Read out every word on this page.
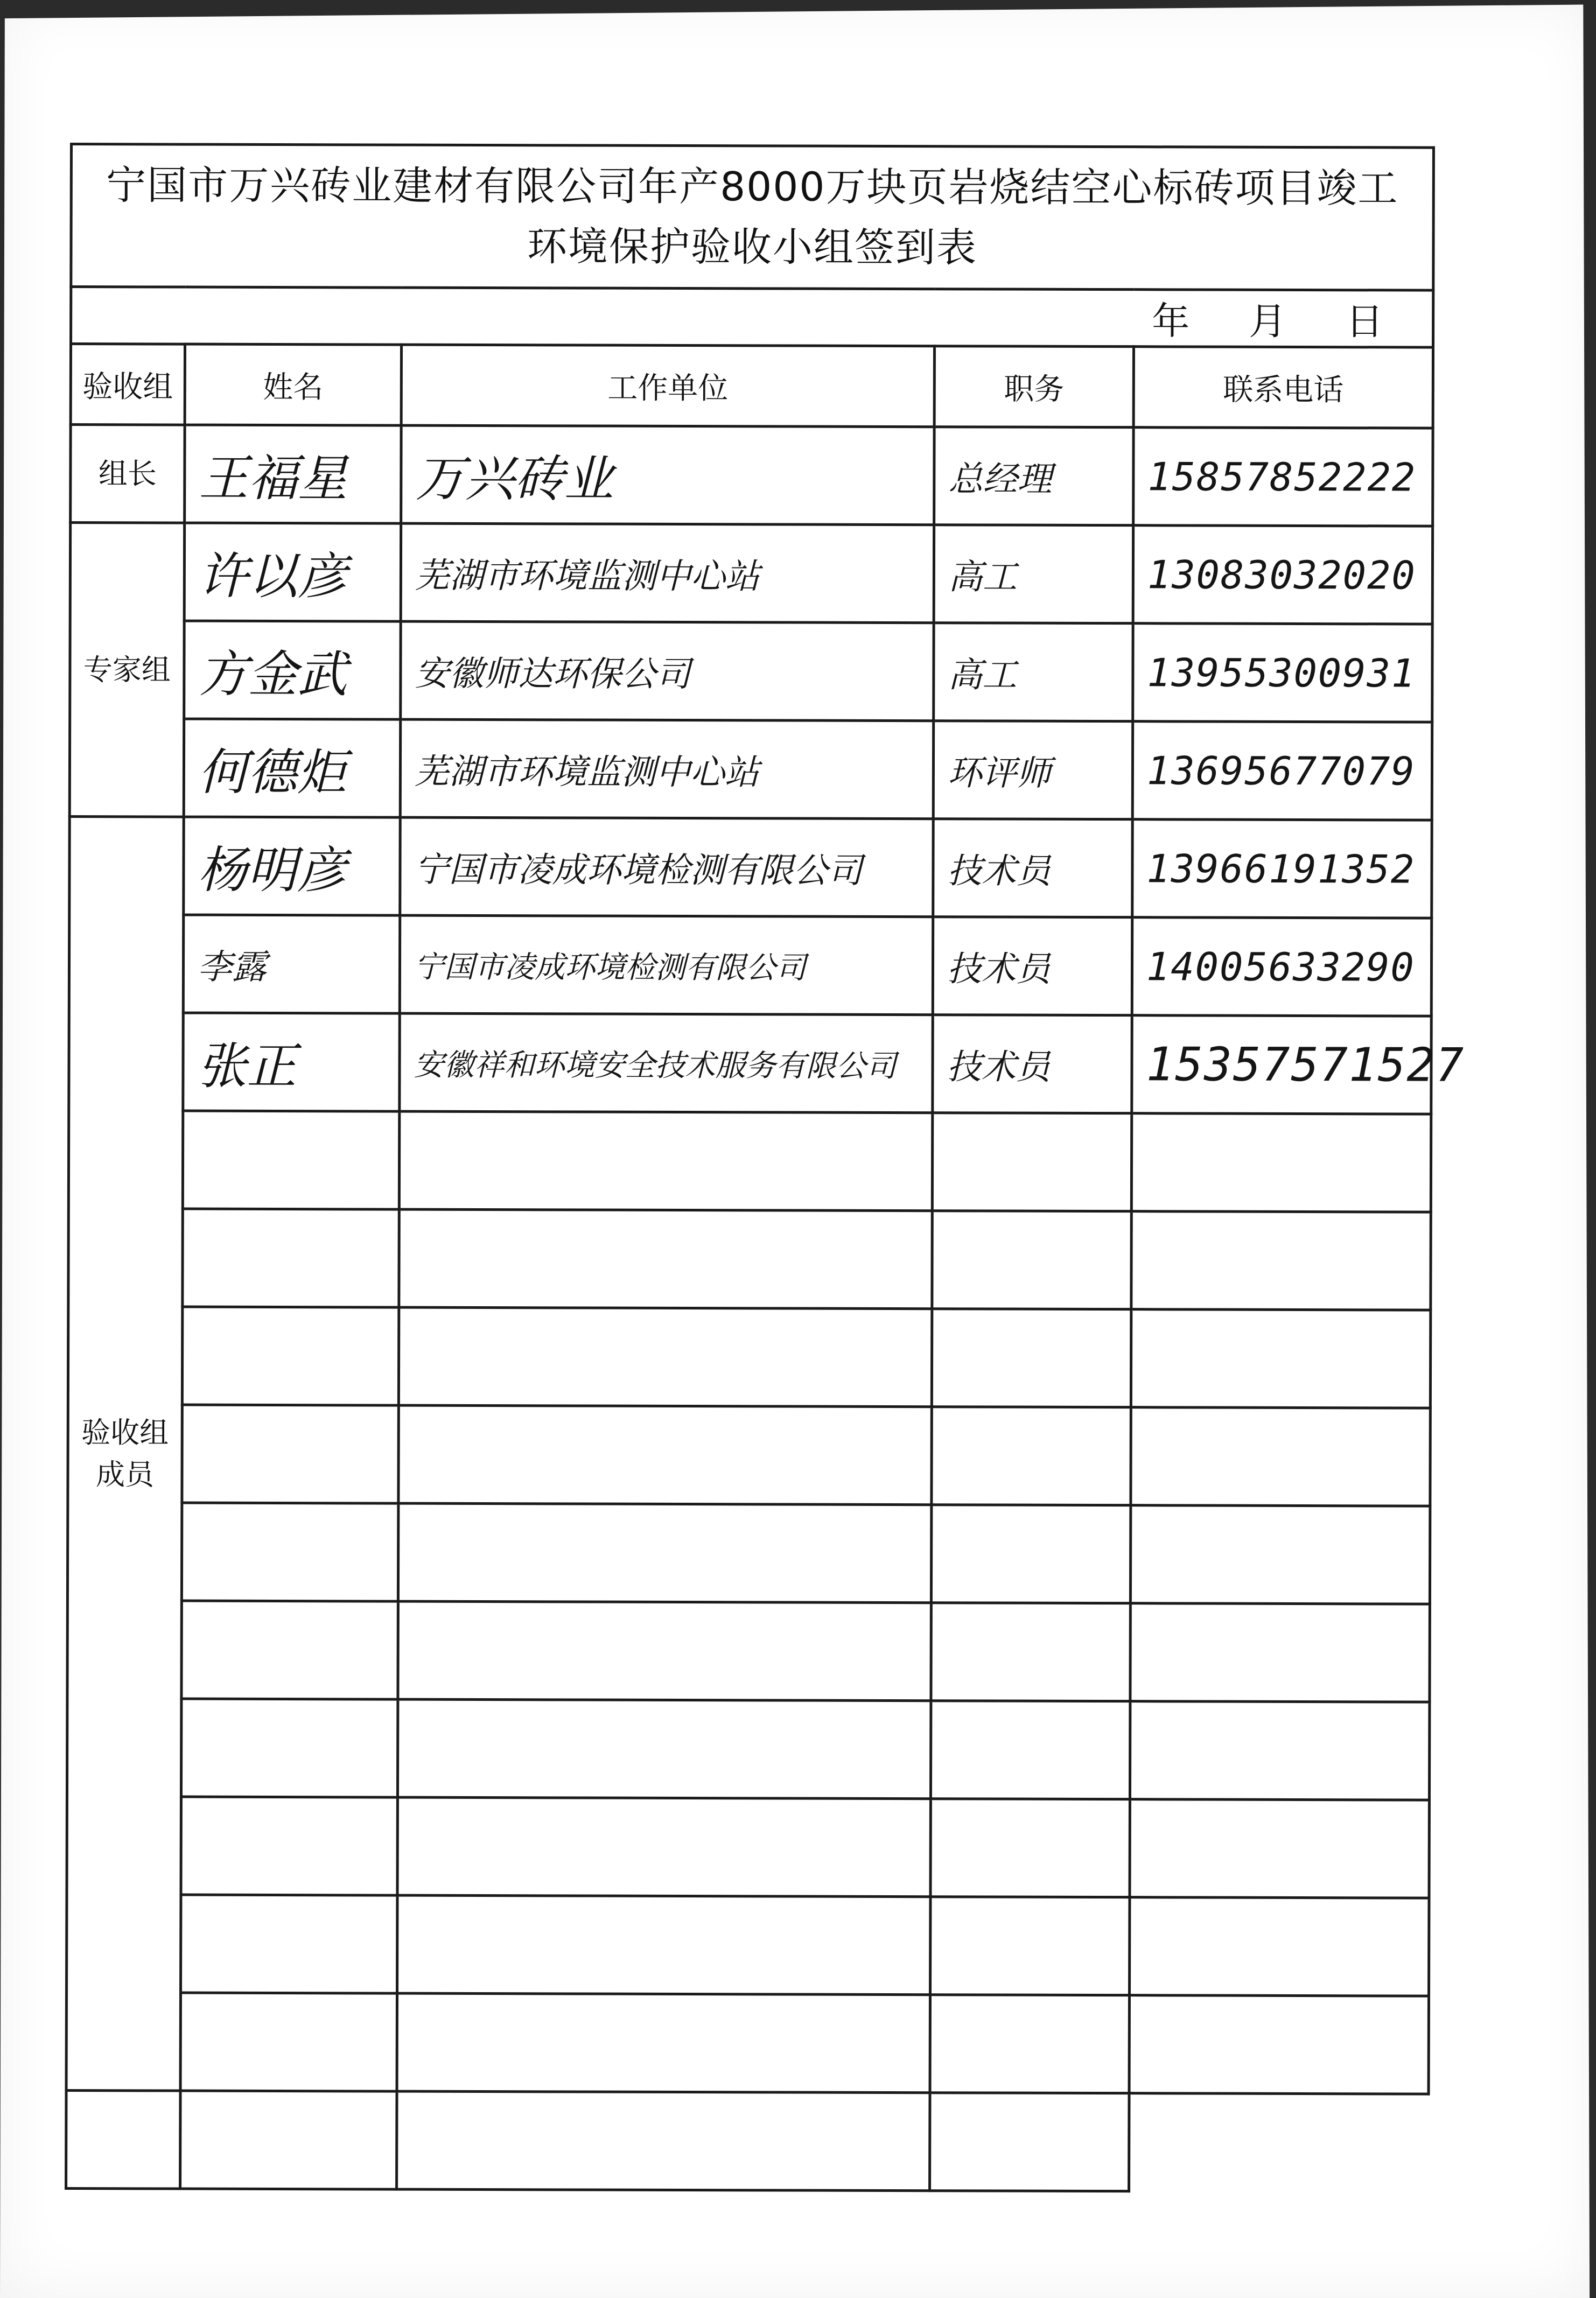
宁国市万兴砖业建材有限公司年产8000万块页岩烧结空心标砖项目竣工
环境保护验收小组签到表				

年 月 日				
验收组	姓名	工作单位	职务	联系电话
组长	王福星	万兴砖业	总经理	15857852222
专家组	许以彦	芜湖市环境监测中心站	高工	13083032020
	方金武	安徽师达环保公司	高工	13955300931
	何德炬	芜湖市环境监测中心站	环评师	13695677079

验收组
成员	杨明彦	宁国市凌成环境检测有限公司	技术员	13966191352
	李露	宁国市凌成环境检测有限公司	技术员	14005633290
	张正	安徽祥和环境安全技术服务有限公司	技术员	15357571527
